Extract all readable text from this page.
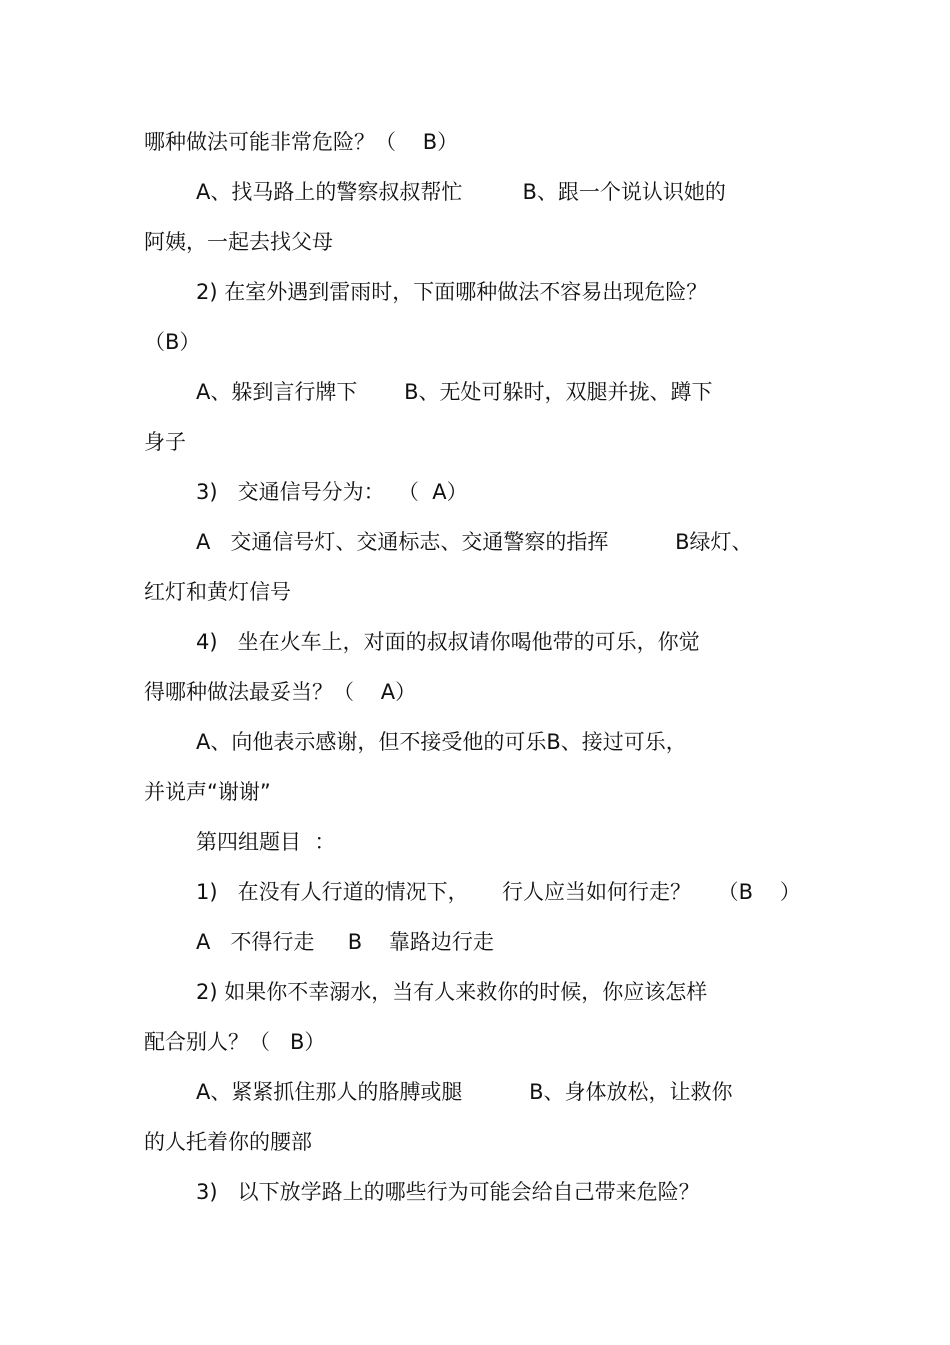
哪种做法可能非常危险？（    B）
A、找马路上的警察叔叔帮忙         B、跟一个说认识她的
阿姨，一起去找父母
2) 在室外遇到雷雨时，下面哪种做法不容易出现危险？
（B）
A、躲到言行牌下       B、无处可躲时，双腿并拢、蹲下
身子
3)   交通信号分为：  （  A）
A   交通信号灯、交通标志、交通警察的指挥          B绿灯、
红灯和黄灯信号
4)   坐在火车上，对面的叔叔请你喝他带的可乐，你觉
得哪种做法最妥当？（    A）
A、向他表示感谢，但不接受他的可乐B、接过可乐，
并说声“谢谢”
第四组题目  ：
1)   在没有人行道的情况下，     行人应当如何行走？    （B    ）
A   不得行走     B    靠路边行走
2) 如果你不幸溺水，当有人来救你的时候，你应该怎样
配合别人？（   B）
A、紧紧抓住那人的胳膊或腿          B、身体放松，让救你
的人托着你的腰部
3)   以下放学路上的哪些行为可能会给自己带来危险？
